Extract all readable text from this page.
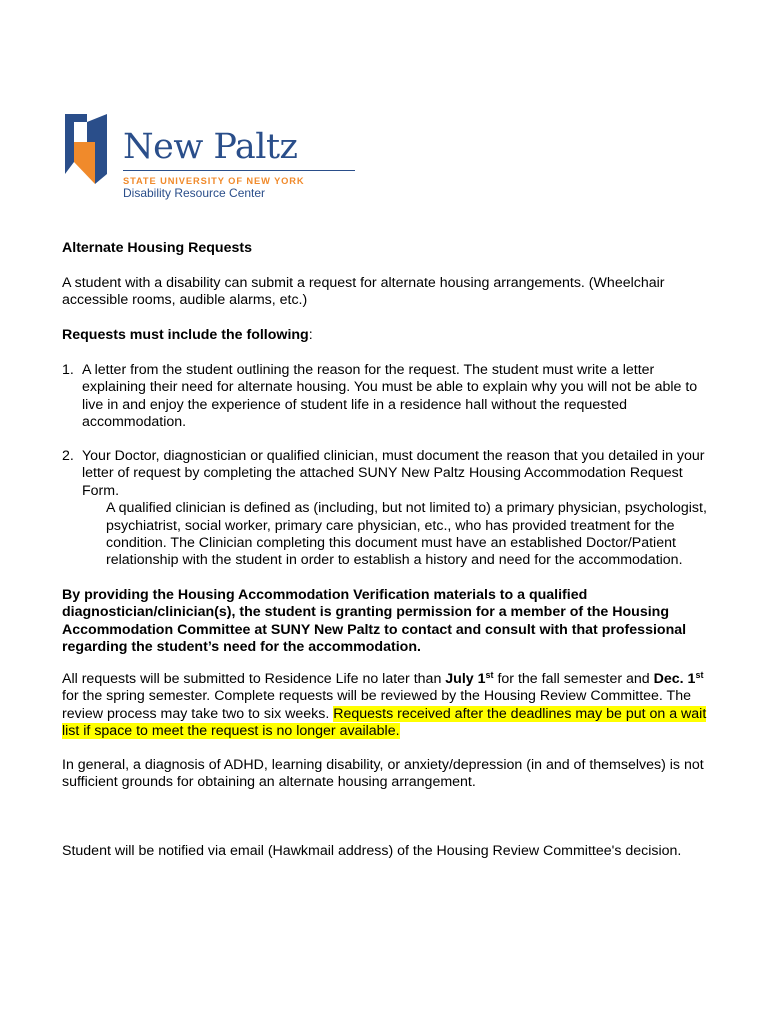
New Paltz
STATE UNIVERSITY OF NEW YORK
Disability Resource Center

Alternate Housing Requests

A student with a disability can submit a request for alternate housing arrangements. (Wheelchair accessible rooms, audible alarms, etc.)

Requests must include the following:

1. A letter from the student outlining the reason for the request. The student must write a letter explaining their need for alternate housing. You must be able to explain why you will not be able to live in and enjoy the experience of student life in a residence hall without the requested accommodation.
2. Your Doctor, diagnostician or qualified clinician, must document the reason that you detailed in your letter of request by completing the attached SUNY New Paltz Housing Accommodation Request Form.

A qualified clinician is defined as (including, but not limited to) a primary physician, psychologist, psychiatrist, social worker, primary care physician, etc., who has provided treatment for the condition. The Clinician completing this document must have an established Doctor/Patient relationship with the student in order to establish a history and need for the accommodation.

By providing the Housing Accommodation Verification materials to a qualified diagnostician/clinician(s), the student is granting permission for a member of the Housing Accommodation Committee at SUNY New Paltz to contact and consult with that professional regarding the student’s need for the accommodation.

All requests will be submitted to Residence Life no later than July 1st for the fall semester and Dec. 1st for the spring semester. Complete requests will be reviewed by the Housing Review Committee. The review process may take two to six weeks. Requests received after the deadlines may be put on a wait list if space to meet the request is no longer available.

In general, a diagnosis of ADHD, learning disability, or anxiety/depression (in and of themselves) is not sufficient grounds for obtaining an alternate housing arrangement.

Student will be notified via email (Hawkmail address) of the Housing Review Committee's decision.
